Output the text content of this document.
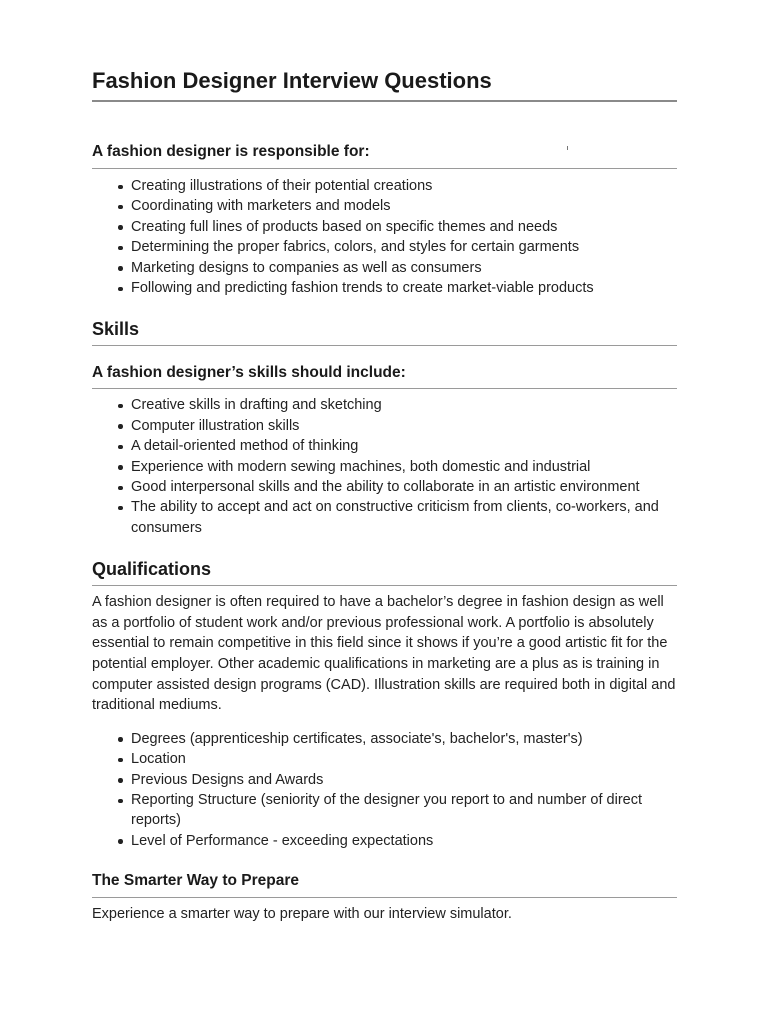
Fashion Designer Interview Questions
A fashion designer is responsible for:
Creating illustrations of their potential creations
Coordinating with marketers and models
Creating full lines of products based on specific themes and needs
Determining the proper fabrics, colors, and styles for certain garments
Marketing designs to companies as well as consumers
Following and predicting fashion trends to create market-viable products
Skills
A fashion designer’s skills should include:
Creative skills in drafting and sketching
Computer illustration skills
A detail-oriented method of thinking
Experience with modern sewing machines, both domestic and industrial
Good interpersonal skills and the ability to collaborate in an artistic environment
The ability to accept and act on constructive criticism from clients, co-workers, and consumers
Qualifications

A fashion designer is often required to have a bachelor’s degree in fashion design as well as a portfolio of student work and/or previous professional work. A portfolio is absolutely essential to remain competitive in this field since it shows if you’re a good artistic fit for the potential employer. Other academic qualifications in marketing are a plus as is training in computer assisted design programs (CAD). Illustration skills are required both in digital and traditional mediums.

Degrees (apprenticeship certificates, associate's, bachelor's, master's)
Location
Previous Designs and Awards
Reporting Structure (seniority of the designer you report to and number of direct reports)
Level of Performance - exceeding expectations
The Smarter Way to Prepare

Experience a smarter way to prepare with our interview simulator.
